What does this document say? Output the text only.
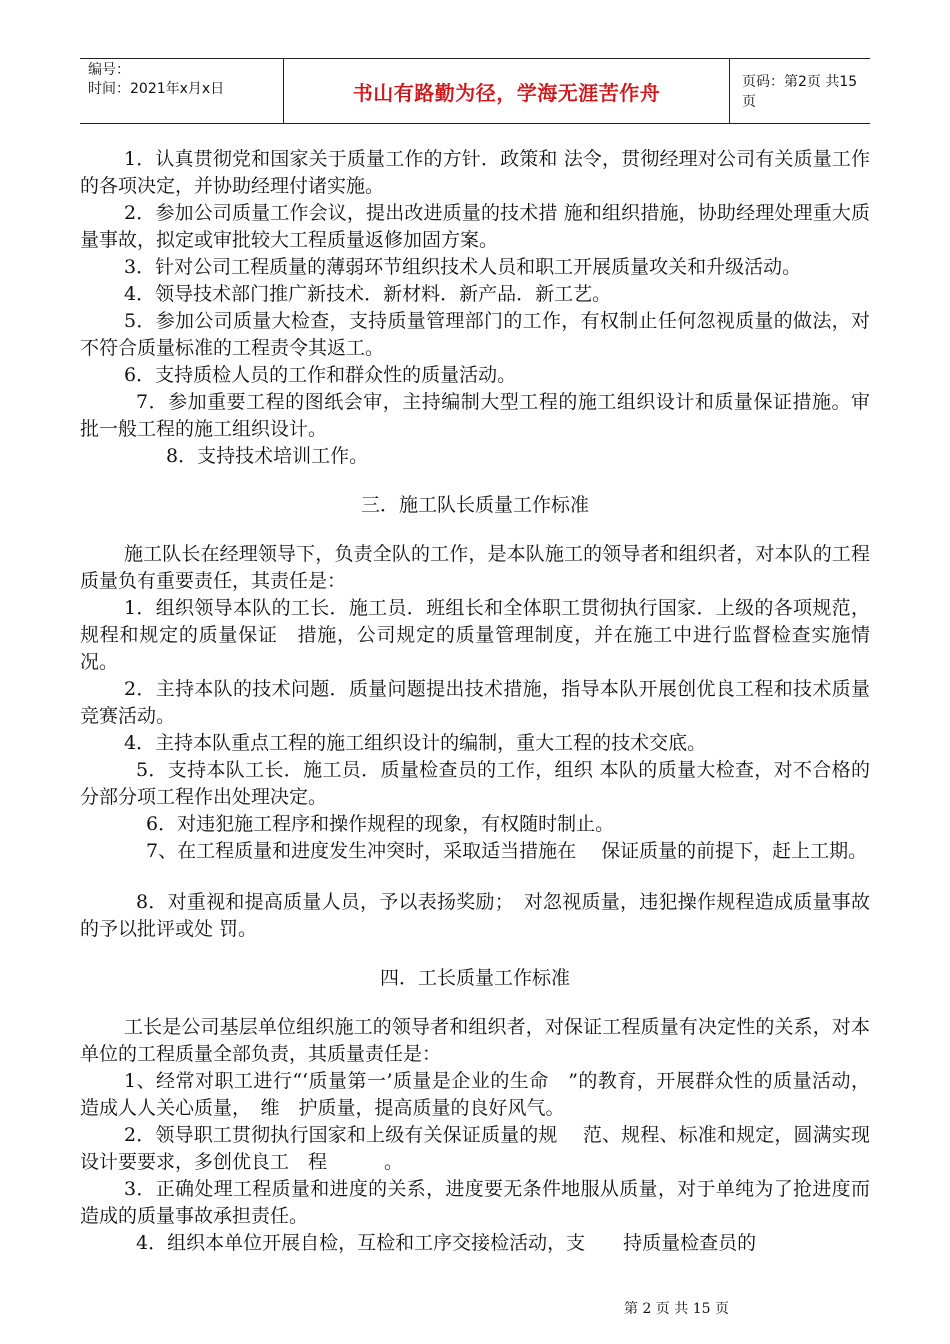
编号：
时间：2021年x月x日	书山有路勤为径，学海无涯苦作舟	页码：第2页 共15页

1．认真贯彻党和国家关于质量工作的方针．政策和 法令，贯彻经理对公司有关质量工作的各项决定，并协助经理付诸实施。

2．参加公司质量工作会议，提出改进质量的技术措 施和组织措施，协助经理处理重大质量事故，拟定或审批较大工程质量返修加固方案。

3．针对公司工程质量的薄弱环节组织技术人员和职工开展质量攻关和升级活动。

4．领导技术部门推广新技术．新材料．新产品．新工艺。

5．参加公司质量大检查，支持质量管理部门的工作，有权制止任何忽视质量的做法，对不符合质量标准的工程责令其返工。

6．支持质检人员的工作和群众性的质量活动。

7．参加重要工程的图纸会审，主持编制大型工程的施工组织设计和质量保证措施。审批一般工程的施工组织设计。

8．支持技术培训工作。

三．施工队长质量工作标准

施工队长在经理领导下，负责全队的工作，是本队施工的领导者和组织者，对本队的工程质量负有重要责任，其责任是：

1．组织领导本队的工长．施工员．班组长和全体职工贯彻执行国家．上级的各项规范，规程和规定的质量保证　措施，公司规定的质量管理制度，并在施工中进行监督检查实施情况。

2．主持本队的技术问题．质量问题提出技术措施，指导本队开展创优良工程和技术质量竞赛活动。

4．主持本队重点工程的施工组织设计的编制，重大工程的技术交底。

5．支持本队工长．施工员．质量检查员的工作，组织 本队的质量大检查，对不合格的分部分项工程作出处理决定。

6．对违犯施工程序和操作规程的现象，有权随时制止。

7、在工程质量和进度发生冲突时，采取适当措施在　 保证质量的前提下，赶上工期。

8．对重视和提高质量人员，予以表扬奖励；　对忽视质量，违犯操作规程造成质量事故的予以批评或处 罚。

四．工长质量工作标准

工长是公司基层单位组织施工的领导者和组织者，对保证工程质量有决定性的关系，对本单位的工程质量全部负责，其质量责任是：

1、经常对职工进行“‘质量第一’质量是企业的生命　”的教育，开展群众性的质量活动，造成人人关心质量，　维　护质量，提高质量的良好风气。

2．领导职工贯彻执行国家和上级有关保证质量的规　 范、规程、标准和规定，圆满实现设计要要求，多创优良工　程　　　。

3．正确处理工程质量和进度的关系，进度要无条件地服从质量，对于单纯为了抢进度而造成的质量事故承担责任。

4．组织本单位开展自检，互检和工序交接检活动，支　　持质量检查员的

第 2 页 共 15 页
